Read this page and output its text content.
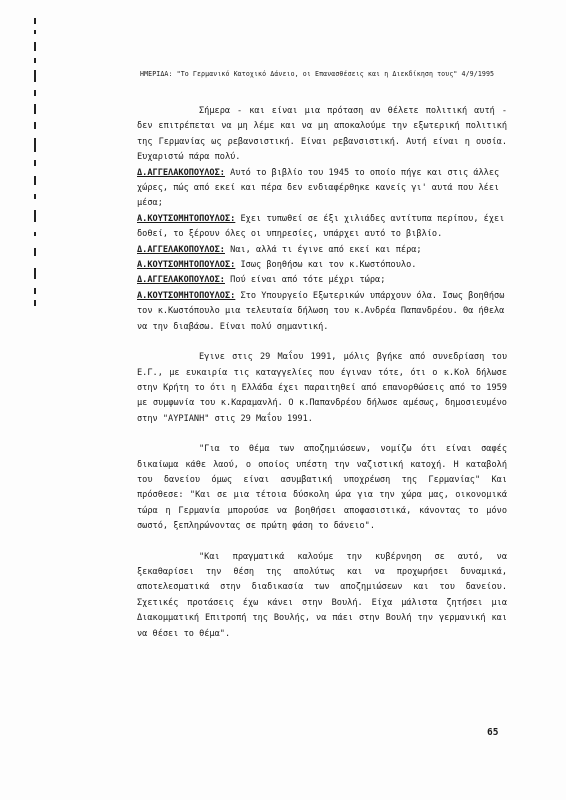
ΗΜΕΡΙΔΑ: "Το Γερμανικό Κατοχικό Δάνειο, οι Επανασθέσεις και η Διεκδίκηση τους" 4/9/1995

Σήμερα - και είναι μια πρόταση αν θέλετε πολιτική αυτή - δεν επιτρέπεται να μη λέμε και να μη αποκαλούμε την εξωτερική πολιτική της Γερμανίας ως ρεβανσιστική. Είναι ρεβανσιστική. Αυτή είναι η ουσία. Ευχαριστώ πάρα πολύ.

Δ.ΑΓΓΕΛΑΚΟΠΟΥΛΟΣ: Αυτό το βιβλίο του 1945 το οποίο πήγε και στις άλλες χώρες, πώς από εκεί και πέρα δεν ενδιαφέρθηκε κανείς γι' αυτά που λέει μέσα;

Α.ΚΟΥΤΣΟΜΗΤΟΠΟΥΛΟΣ: Εχει τυπωθεί σε έξι χιλιάδες αντίτυπα περίπου, έχει δοθεί, το ξέρουν όλες οι υπηρεσίες, υπάρχει αυτό το βιβλίο.

Δ.ΑΓΓΕΛΑΚΟΠΟΥΛΟΣ: Ναι, αλλά τι έγινε από εκεί και πέρα;

Α.ΚΟΥΤΣΟΜΗΤΟΠΟΥΛΟΣ: Ισως βοηθήσω και τον κ.Κωστόπουλο.

Δ.ΑΓΓΕΛΑΚΟΠΟΥΛΟΣ: Πού είναι από τότε μέχρι τώρα;

Α.ΚΟΥΤΣΟΜΗΤΟΠΟΥΛΟΣ: Στο Υπουργείο Εξωτερικών υπάρχουν όλα. Ισως βοηθήσω τον κ.Κωστόπουλο μια τελευταία δήλωση του κ.Ανδρέα Παπανδρέου. Θα ήθελα να την διαβάσω. Είναι πολύ σημαντική.

Εγινε στις 29 Μαΐου 1991, μόλις βγήκε από συνεδρίαση του Ε.Γ., με ευκαιρία τις καταγγελίες που έγιναν τότε, ότι ο κ.Κολ δήλωσε στην Κρήτη το ότι η Ελλάδα έχει παραιτηθεί από επανορθώσεις από το 1959 με συμφωνία του κ.Καραμανλή. Ο κ.Παπανδρέου δήλωσε αμέσως, δημοσιευμένο στην "ΑΥΡΙΑΝΗ" στις 29 Μαΐου 1991.

"Για το θέμα των αποζημιώσεων, νομίζω ότι είναι σαφές δικαίωμα κάθε λαού, ο οποίος υπέστη την ναζιστική κατοχή. Η καταβολή του δανείου όμως είναι ασυμβατική υποχρέωση της Γερμανίας" Και πρόσθεσε: "Και σε μια τέτοια δύσκολη ώρα για την χώρα μας, οικονομικά τώρα η Γερμανία μπορούσε να βοηθήσει αποφασιστικά, κάνοντας το μόνο σωστό, ξεπληρώνοντας σε πρώτη φάση το δάνειο".

"Και πραγματικά καλούμε την κυβέρνηση σε αυτό, να ξεκαθαρίσει την θέση της απολύτως και να προχωρήσει δυναμικά, αποτελεσματικά στην διαδικασία των αποζημιώσεων και του δανείου. Σχετικές προτάσεις έχω κάνει στην Βουλή. Είχα μάλιστα ζητήσει μια Διακομματική Επιτροπή της Βουλής, να πάει στην Βουλή την γερμανική και να θέσει το θέμα".

65
